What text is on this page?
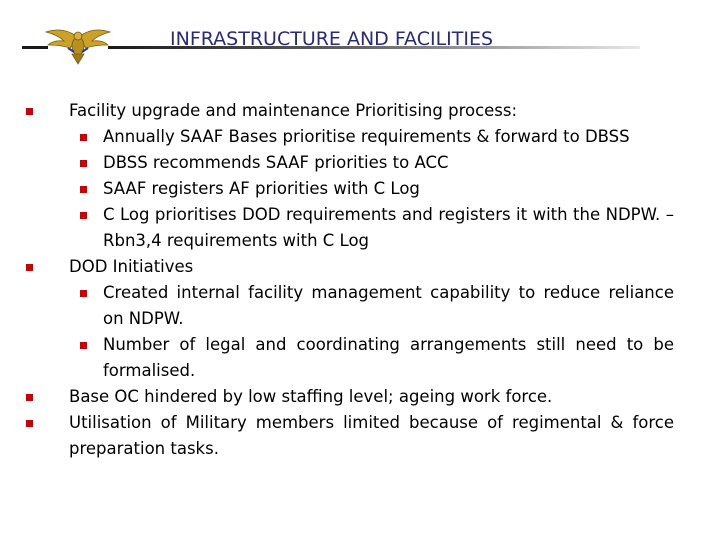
INFRASTRUCTURE AND FACILITIES
Facility upgrade and maintenance Prioritising process:
Annually SAAF Bases prioritise requirements & forward to DBSS
DBSS recommends SAAF priorities to ACC
SAAF registers AF priorities with C Log
C Log prioritises DOD requirements and registers it with the NDPW. – Rbn3,4 requirements with C Log
DOD Initiatives
Created internal facility management capability to reduce reliance on NDPW.
Number of legal and coordinating arrangements still need to be formalised.
Base OC hindered by low staffing level; ageing work force.
Utilisation of Military members limited because of regimental & force preparation tasks.
